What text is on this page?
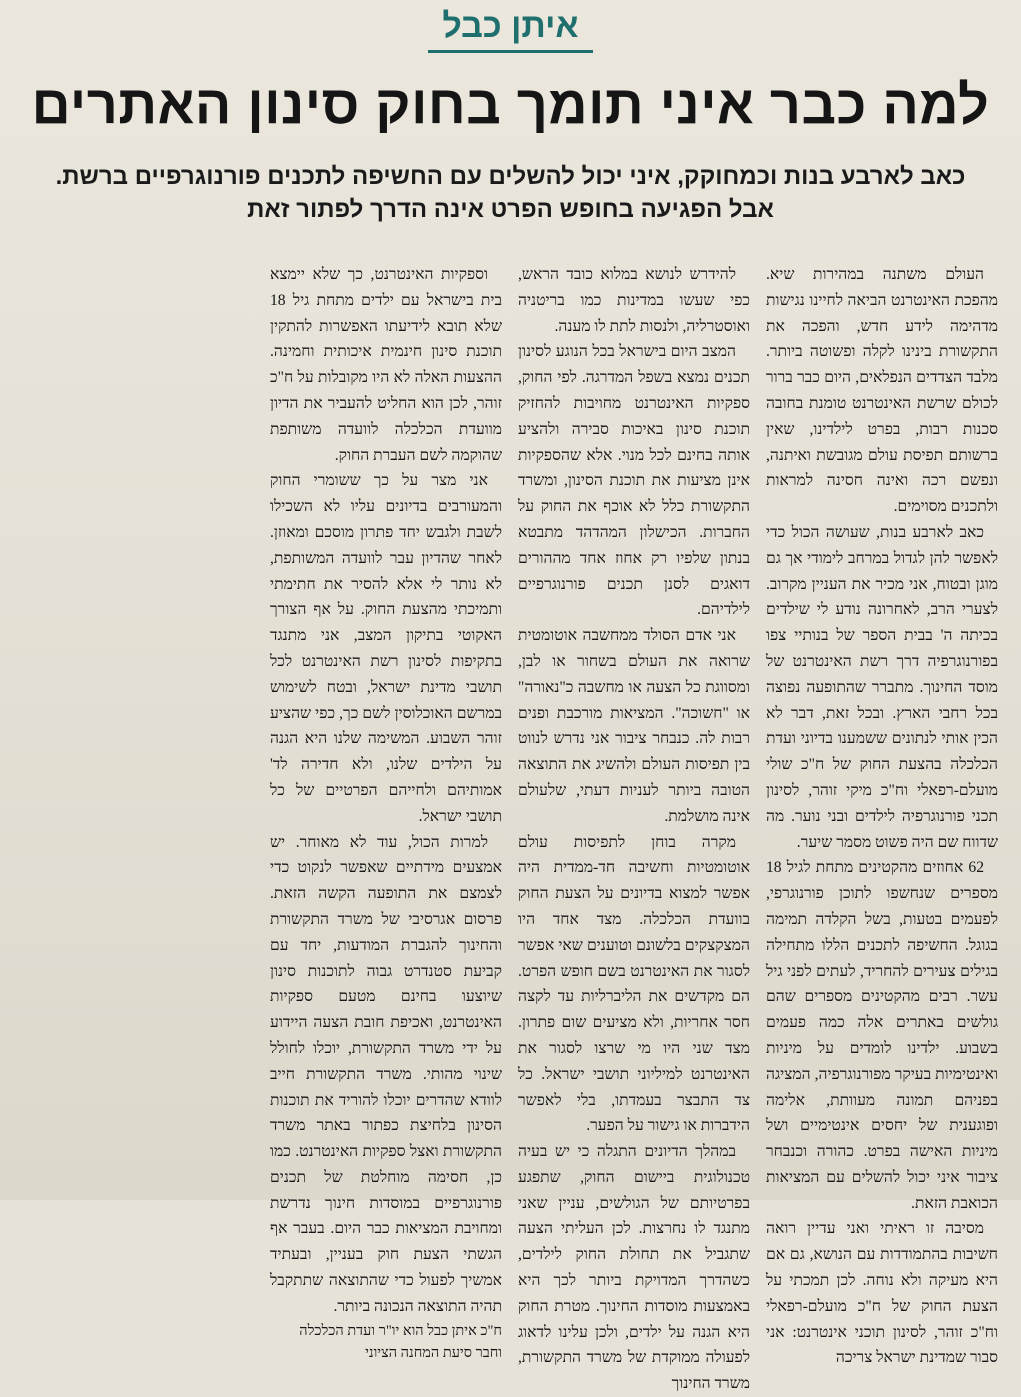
איתן כבל
למה כבר איני תומך בחוק סינון האתרים
כאב לארבע בנות וכמחוקק, איני יכול להשלים עם החשיפה לתכנים פורנוגרפיים ברשת.
אבל הפגיעה בחופש הפרט אינה הדרך לפתור זאת

העולם משתנה במהירות שיא. מהפכת האינטרנט הביאה לחיינו נגישות מדהימה לידע חדש, והפכה את התקשורת בינינו לקלה ופשוטה ביותר. מלבד הצדדים הנפלאים, היום כבר ברור לכולם שרשת האינטרנט טומנת בחובה סכנות רבות, בפרט לילדינו, שאין ברשותם תפיסת עולם מגובשת ואיתנה, ונפשם רכה ואינה חסינה למראות ולתכנים מסוימים.

כאב לארבע בנות, שעושה הכול כדי לאפשר להן לגדול במרחב לימודי אך גם מוגן ובטוח, אני מכיר את העניין מקרוב. לצערי הרב, לאחרונה נודע לי שילדים בכיתה ה' בבית הספר של בנותיי צפו בפורנוגרפיה דרך רשת האינטרנט של מוסד החינוך. מתברר שהתופעה נפוצה בכל רחבי הארץ. ובכל זאת, דבר לא הכין אותי לנתונים ששמענו בדיוני ועדת הכלכלה בהצעת החוק של ח"כ שולי מועלם-רפאלי וח"כ מיקי זוהר, לסינון תכני פורנוגרפיה לילדים ובני נוער. מה שדווח שם היה פשוט מסמר שיער.

62 אחוזים מהקטינים מתחת לגיל 18 מספרים שנחשפו לתוכן פורנוגרפי, לפעמים בטעות, בשל הקלדה תמימה בגוגל. החשיפה לתכנים הללו מתחילה בגילים צעירים להחריד, לעתים לפני גיל עשר. רבים מהקטינים מספרים שהם גולשים באתרים אלה כמה פעמים בשבוע. ילדינו לומדים על מיניות ואינטימיות בעיקר מפורנוגרפיה, המציגה בפניהם תמונה מעוותת, אלימה ופוגענית של יחסים אינטימיים ושל מיניות האישה בפרט. כהורה וכנבחר ציבור איני יכול להשלים עם המציאות הכואבת הזאת.

מסיבה זו ראיתי ואני עדיין רואה חשיבות בהתמודדות עם הנושא, גם אם היא מעיקה ולא נוחה. לכן תמכתי על הצעת החוק של ח"כ מועלם-רפאלי וח"כ זוהר, לסינון תוכני אינטרנט: אני סבור שמדינת ישראל צריכה

להידרש לנושא במלוא כובד הראש, כפי שעשו במדינות כמו בריטניה ואוסטרליה, ולנסות לתת לו מענה.

המצב היום בישראל בכל הנוגע לסינון תכנים נמצא בשפל המדרגה. לפי החוק, ספקיות האינטרנט מחויבות להחזיק תוכנת סינון באיכות סבירה ולהציע אותה בחינם לכל מנוי. אלא שהספקיות אינן מציעות את תוכנת הסינון, ומשרד התקשורת כלל לא אוכף את החוק על החברות. הכישלון המהדהד מתבטא בנתון שלפיו רק אחוז אחד מההורים דואגים לסנן תכנים פורנוגרפיים לילדיהם.

אני אדם הסולד ממחשבה אוטומטית שרואה את העולם בשחור או לבן, ומסווגת כל הצעה או מחשבה כ"נאורה" או "חשוכה". המציאות מורכבת ופנים רבות לה. כנבחר ציבור אני נדרש לנווט בין תפיסות העולם ולהשיג את התוצאה הטובה ביותר לעניות דעתי, שלעולם אינה מושלמת.

מקרה בוחן לתפיסות עולם אוטומטיות וחשיבה חד-ממדית היה אפשר למצוא בדיונים על הצעת החוק בוועדת הכלכלה. מצד אחד היו המצקצקים בלשונם וטוענים שאי אפשר לסגור את האינטרנט בשם חופש הפרט. הם מקדשים את הליברליות עד לקצה חסר אחריות, ולא מציעים שום פתרון. מצד שני היו מי שרצו לסגור את האינטרנט למיליוני תושבי ישראל. כל צד התבצר בעמדתו, בלי לאפשר הידברות או גישור על הפער.

במהלך הדיונים התגלה כי יש בעיה טכנולוגית ביישום החוק, שתפגע בפרטיותם של הגולשים, עניין שאני מתנגד לו נחרצות. לכן העליתי הצעה שתגביל את תחולת החוק לילדים, כשהדרך המדויקת ביותר לכך היא באמצעות מוסדות החינוך. מטרת החוק היא הגנה על ילדים, ולכן עלינו לדאוג לפעולה ממוקדת של משרד התקשורת, משרד החינוך

וספקיות האינטרנט, כך שלא יימצא בית בישראל עם ילדים מתחת גיל 18 שלא תובא לידיעתו האפשרות להתקין תוכנת סינון חינמית איכותית וחמינה. ההצעות האלה לא היו מקובלות על ח"כ זוהר, לכן הוא החליט להעביר את הדיון מוועדת הכלכלה לוועדה משותפת שהוקמה לשם העברת החוק.

אני מצר על כך ששומרי החוק והמעורבים בדיונים עליו לא השכילו לשבת ולגבש יחד פתרון מוסכם ומאוזן. לאחר שהדיון עבר לוועדה המשותפת, לא נותר לי אלא להסיר את חתימתי ותמיכתי מהצעת החוק. על אף הצורך האקוטי בתיקון המצב, אני מתנגד בתקיפות לסינון רשת האינטרנט לכל תושבי מדינת ישראל, ובטח לשימוש במרשם האוכלוסין לשם כך, כפי שהציע זוהר השבוע. המשימה שלנו היא הגנה על הילדים שלנו, ולא חדירה לד' אמותיהם ולחייהם הפרטיים של כל תושבי ישראל.

למרות הכול, עוד לא מאוחר. יש אמצעים מידתיים שאפשר לנקוט כדי לצמצם את התופעה הקשה הזאת. פרסום אגרסיבי של משרד התקשורת והחינוך להגברת המודעות, יחד עם קביעת סטנדרט גבוה לתוכנות סינון שיוצעו בחינם מטעם ספקיות האינטרנט, ואכיפת חובת הצעה היידוע על ידי משרד התקשורת, יוכלו לחולל שינוי מהותי. משרד התקשורת חייב לוודא שהדרים יוכלו להוריד את תוכנות הסינון בלחיצת כפתור באתר משרד התקשורת ואצל ספקיות האינטרנט. כמו כן, חסימה מוחלטת של תכנים פורנוגרפיים במוסדות חינוך נדרשת ומחויבת המציאות כבר היום. בעבר אף הגשתי הצעת חוק בעניין, ובעתיד אמשיך לפעול כדי שהתוצאה שתתקבל תהיה התוצאה הנכונה ביותר.

ח"כ איתן כבל הוא יו"ר ועדת הכלכלה
וחבר סיעת המחנה הציוני
